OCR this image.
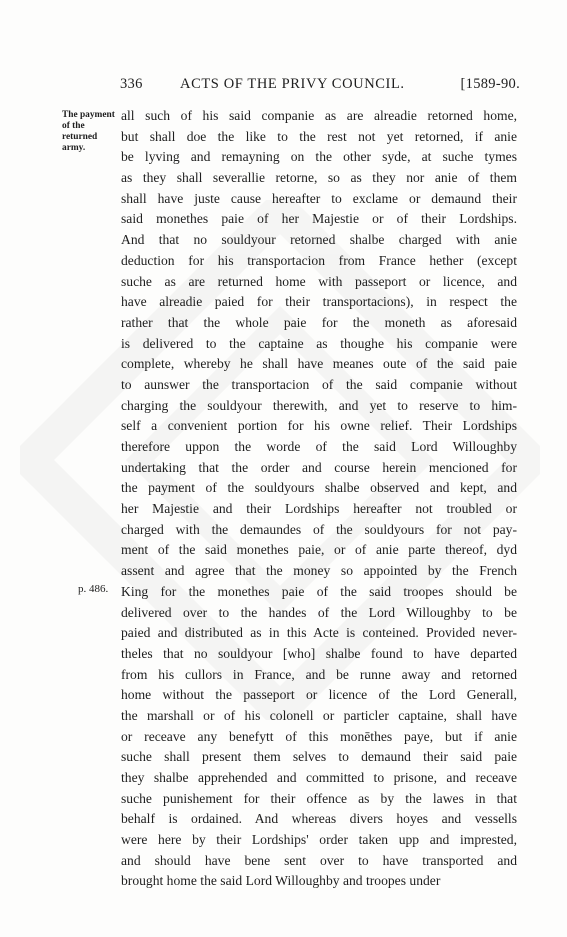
336	ACTS OF THE PRIVY COUNCIL.	[1589-90.
The payment
of the
returned
army.
p. 486.
all such of his said companie as are alreadie retorned home,
but shall doe the like to the rest not yet retorned, if anie
be lyving and remayning on the other syde, at suche tymes
as they shall severallie retorne, so as they nor anie of them
shall have juste cause hereafter to exclame or demaund their
said monethes paie of her Majestie or of their Lordships.
And that no souldyour retorned shalbe charged with anie
deduction for his transportacion from France hether (except
suche as are returned home with passeport or licence, and
have alreadie paied for their transportacions), in respect the
rather that the whole paie for the moneth as aforesaid
is delivered to the captaine as thoughe his companie were
complete, whereby he shall have meanes oute of the said paie
to aunswer the transportacion of the said companie without
charging the souldyour therewith, and yet to reserve to him-
self a convenient portion for his owne relief. Their Lordships
therefore uppon the worde of the said Lord Willoughby
undertaking that the order and course herein mencioned for
the payment of the souldyours shalbe observed and kept, and
her Majestie and their Lordships hereafter not troubled or
charged with the demaundes of the souldyours for not pay-
ment of the said monethes paie, or of anie parte thereof, dyd
assent and agree that the money so appointed by the French
King for the monethes paie of the said troopes should be
delivered over to the handes of the Lord Willoughby to be
paied and distributed as in this Acte is conteined. Provided never-
theles that no souldyour [who] shalbe found to have departed
from his cullors in France, and be runne away and retorned
home without the passeport or licence of the Lord Generall,
the marshall or of his colonell or particler captaine, shall have
or receave any benefytt of this monēthes paye, but if anie
suche shall present them selves to demaund their said paie
they shalbe apprehended and committed to prisone, and receave
suche punishement for their offence as by the lawes in that
behalf is ordained. And whereas divers hoyes and vessells
were here by their Lordships' order taken upp and imprested,
and should have bene sent over to have transported and
brought home the said Lord Willoughby and troopes under
